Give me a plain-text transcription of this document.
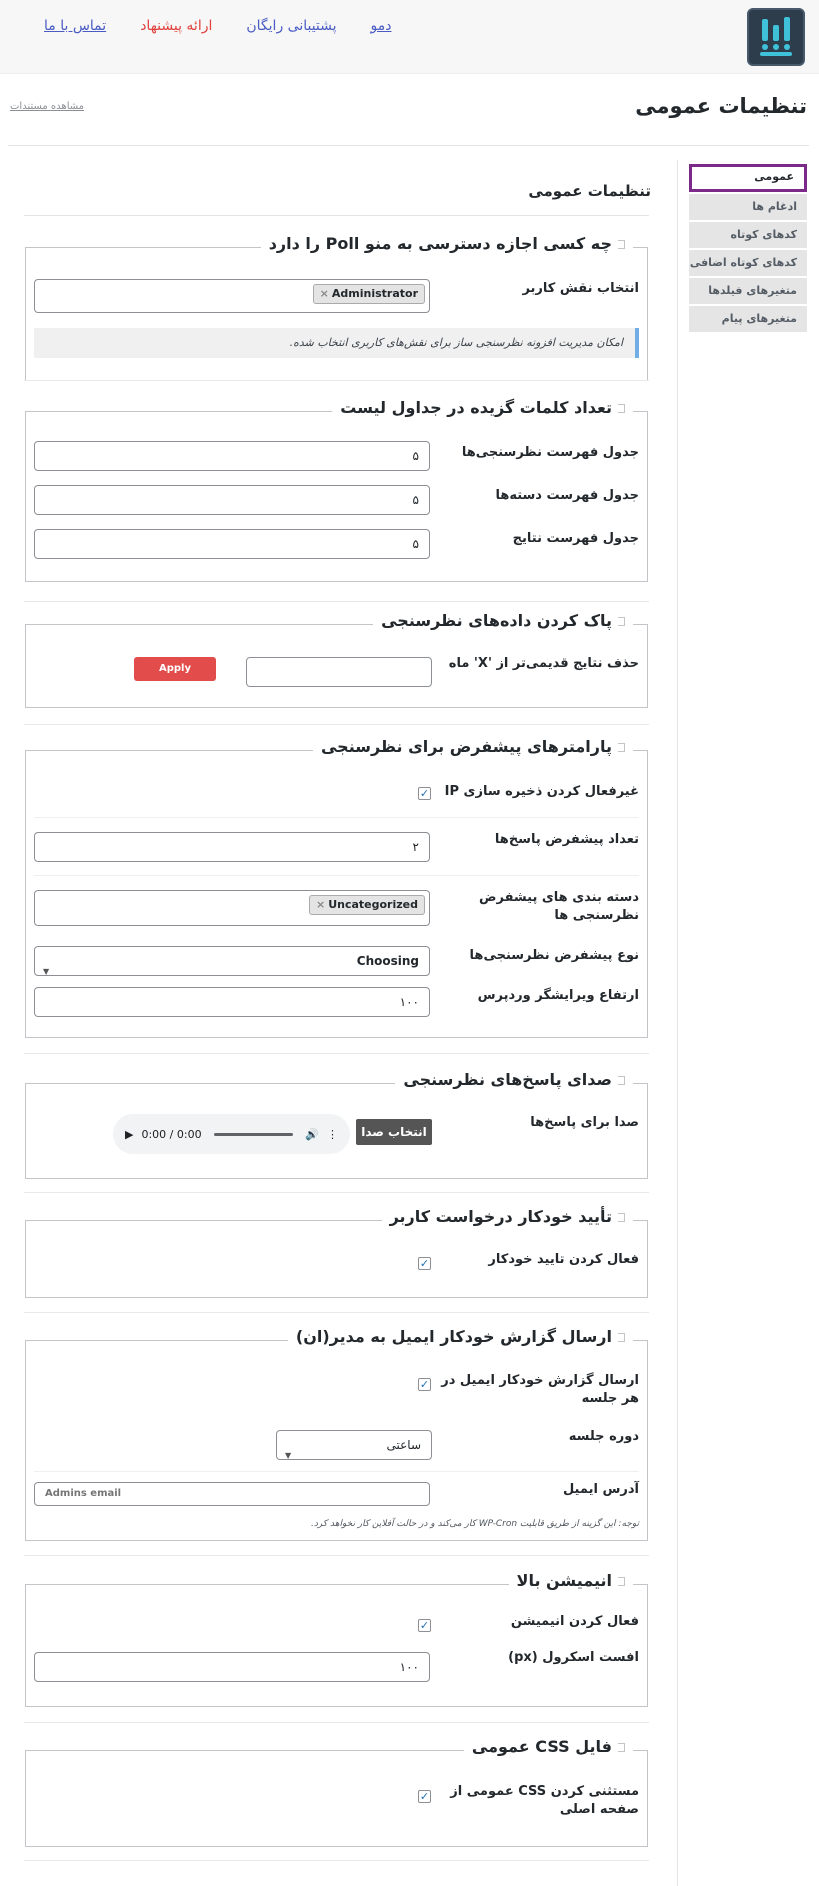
تماس با ما ارائه پیشنهاد پشتیبانی رایگان دمو
تنظیمات عمومی
مشاهده مستندات
عمومی
ادغام ها
کدهای کوتاه
کدهای کوتاه اضافی
متغیرهای فیلدها
متغیرهای پیام
تنظیمات عمومی
چه کسی اجازه دسترسی به منو Poll را دارد
انتخاب نقش کاربر
× Administrator
امکان مدیریت افزونه نظرسنجی ساز برای نقش‌های کاربری انتخاب شده.
تعداد کلمات گزیده در جداول لیست
جدول فهرست نظرسنجی‌ها
۵
جدول فهرست دسته‌ها
۵
جدول فهرست نتایج
۵
پاک کردن داده‌های نظرسنجی
حذف نتایج قدیمی‌تر از 'X' ماه
Apply changes
پارامترهای پیشفرض برای نظرسنجی
غیرفعال کردن ذخیره سازی IP
✓
تعداد پیشفرض پاسخ‌ها
۲
دسته بندی های پیشفرض نظرسنجی ها
× Uncategorized
نوع پیشفرض نظرسنجی‌ها
Choosing
▼
ارتفاع ویرایشگر وردپرس
۱۰۰
صدای پاسخ‌های نظرسنجی
صدا برای پاسخ‌ها
انتخاب صدا
▶ 0:00 / 0:00	🔊 ⋮
تأیید خودکار درخواست کاربر
فعال کردن تایید خودکار
✓
ارسال گزارش خودکار ایمیل به مدیر(ان)
ارسال گزارش خودکار ایمیل در هر جلسه
✓
دوره جلسه
ساعتی
▼
آدرس ایمیل
Admins email
توجه: این گزینه از طریق قابلیت WP-Cron کار می‌کند و در حالت آفلاین کار نخواهد کرد.
انیمیشن بالا
فعال کردن انیمیشن
✓
افست اسکرول (px)
۱۰۰
فایل CSS عمومی
مستثنی کردن CSS عمومی از صفحه اصلی
✓
